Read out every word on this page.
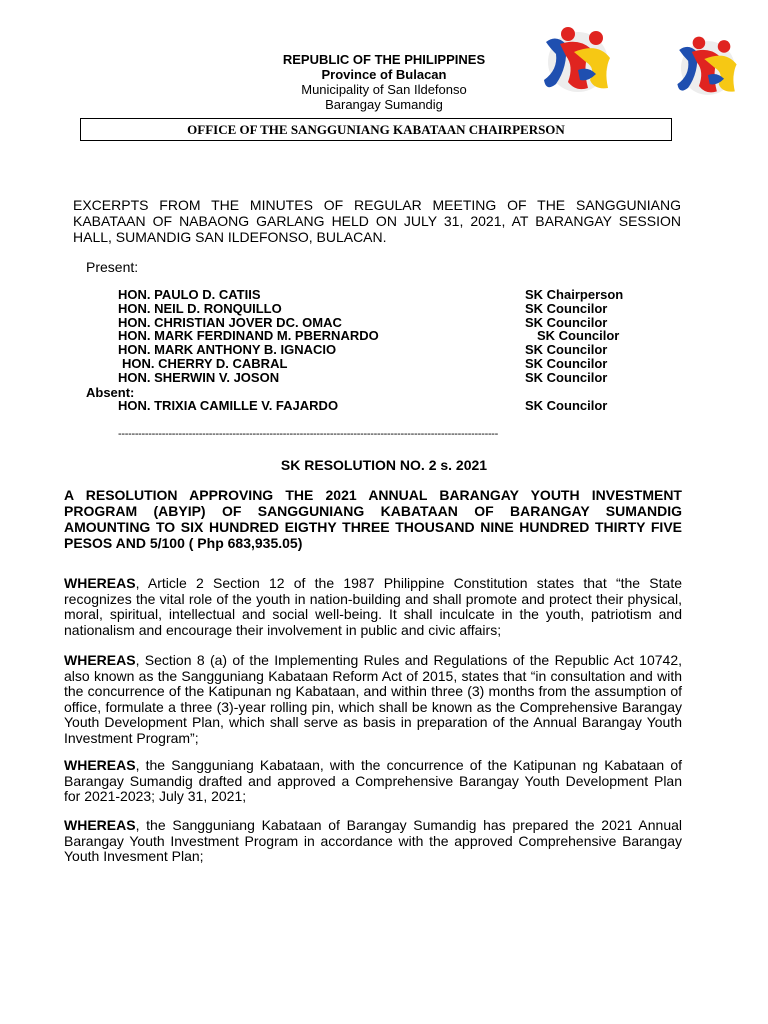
REPUBLIC OF THE PHILIPPINES
Province of Bulacan
Municipality of San Ildefonso
Barangay Sumandig
OFFICE OF THE SANGGUNIANG KABATAAN CHAIRPERSON
EXCERPTS FROM THE MINUTES OF REGULAR MEETING OF THE SANGGUNIANG KABATAAN OF NABAONG GARLANG HELD ON JULY 31, 2021, AT BARANGAY SESSION HALL, SUMANDIG SAN ILDEFONSO, BULACAN.
Present:
HON. PAULO D. CATIIS	SK Chairperson
HON. NEIL D. RONQUILLO	SK Councilor
HON. CHRISTIAN JOVER DC. OMAC	SK Councilor
HON. MARK FERDINAND M. PBERNARDO	SK Councilor
HON. MARK ANTHONY B. IGNACIO	SK Councilor
HON. CHERRY D. CABRAL	SK Councilor
HON. SHERWIN V. JOSON	SK Councilor
Absent:
HON. TRIXIA CAMILLE V. FAJARDO	SK Councilor
-----------------------------------------------------------------------------------------------------------------
SK RESOLUTION NO. 2 s. 2021
A RESOLUTION APPROVING THE 2021 ANNUAL BARANGAY YOUTH INVESTMENT PROGRAM (ABYIP) OF SANGGUNIANG KABATAAN OF BARANGAY SUMANDIG AMOUNTING TO SIX HUNDRED EIGTHY THREE THOUSAND NINE HUNDRED THIRTY FIVE PESOS AND 5/100 ( Php 683,935.05)
WHEREAS, Article 2 Section 12 of the 1987 Philippine Constitution states that “the State recognizes the vital role of the youth in nation-building and shall promote and protect their physical, moral, spiritual, intellectual and social well-being. It shall inculcate in the youth, patriotism and nationalism and encourage their involvement in public and civic affairs;
WHEREAS, Section 8 (a) of the Implementing Rules and Regulations of the Republic Act 10742, also known as the Sangguniang Kabataan Reform Act of 2015, states that “in consultation and with the concurrence of the Katipunan ng Kabataan, and within three (3) months from the assumption of office, formulate a three (3)-year rolling pin, which shall be known as the Comprehensive Barangay Youth Development Plan, which shall serve as basis in preparation of the Annual Barangay Youth Investment Program”;
WHEREAS, the Sangguniang Kabataan, with the concurrence of the Katipunan ng Kabataan of Barangay Sumandig drafted and approved a Comprehensive Barangay Youth Development Plan for 2021-2023; July 31, 2021;
WHEREAS, the Sangguniang Kabataan of Barangay Sumandig has prepared the 2021 Annual Barangay Youth Investment Program in accordance with the approved Comprehensive Barangay Youth Invesment Plan;
